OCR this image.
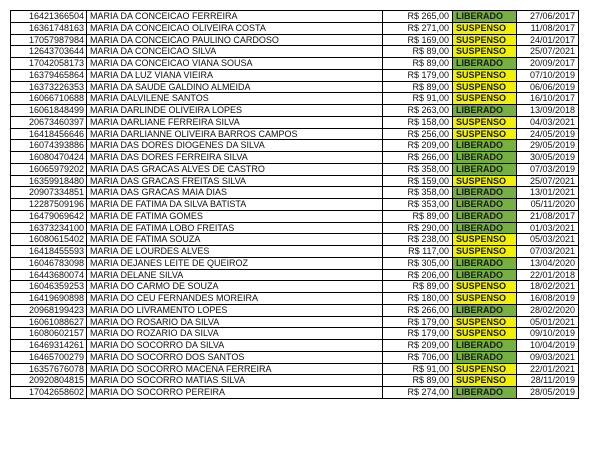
16421366504 MARIA DA CONCEICAO FERREIRA	R$ 265,00 LIBERADO	27/06/2017
16361748163 MARIA DA CONCEICAO OLIVEIRA COSTA	R$ 271,00 SUSPENSO	11/08/2017
17057987984 MARIA DA CONCEICAO PAULINO CARDOSO	R$ 169,00 SUSPENSO	24/01/2017
12643703644 MARIA DA CONCEICAO SILVA	R$ 89,00 SUSPENSO	25/07/2021
17042058173 MARIA DA CONCEICAO VIANA SOUSA	R$ 89,00 LIBERADO	20/09/2017
16379465864 MARIA DA LUZ VIANA VIEIRA	R$ 179,00 SUSPENSO	07/10/2019
16373226353 MARIA DA SAUDE GALDINO ALMEIDA	R$ 89,00 SUSPENSO	06/06/2019
16066710688 MARIA DALVILENE SANTOS	R$ 91,00 SUSPENSO	16/10/2017
16061848499 MARIA DARLINDE OLIVEIRA LOPES	R$ 263,00 LIBERADO	13/09/2018
20673460397 MARIA DARLIANE FERREIRA SILVA	R$ 158,00 SUSPENSO	04/03/2021
16418456646 MARIA DARLIANNE OLIVEIRA BARROS CAMPOS	R$ 256,00 SUSPENSO	24/05/2019
16074393886 MARIA DAS DORES DIOGENES DA SILVA	R$ 209,00 LIBERADO	29/05/2019
16080470424 MARIA DAS DORES FERREIRA SILVA	R$ 266,00 LIBERADO	30/05/2019
16065979202 MARIA DAS GRACAS ALVES DE CASTRO	R$ 358,00 LIBERADO	07/03/2019
16359918480 MARIA DAS GRACAS FREITAS SILVA	R$ 159,00 SUSPENSO	25/07/2021
20907334851 MARIA DAS GRACAS MAIA DIAS	R$ 358,00 LIBERADO	13/01/2021
12287509196 MARIA DE FATIMA DA SILVA BATISTA	R$ 353,00 LIBERADO	05/11/2020
16479069642 MARIA DE FATIMA GOMES	R$ 89,00 LIBERADO	21/08/2017
16373234100 MARIA DE FATIMA LOBO FREITAS	R$ 290,00 LIBERADO	01/03/2021
16080615402 MARIA DE FATIMA SOUZA	R$ 238,00 SUSPENSO	05/03/2021
16418455593 MARIA DE LOURDES ALVES	R$ 117,00 SUSPENSO	07/03/2021
16046783098 MARIA DEJANES LEITE DE QUEIROZ	R$ 305,00 LIBERADO	13/04/2020
16443680074 MARIA DELANE SILVA	R$ 206,00 LIBERADO	22/01/2018
16046359253 MARIA DO CARMO DE SOUZA	R$ 89,00 SUSPENSO	18/02/2021
16419690898 MARIA DO CEU FERNANDES MOREIRA	R$ 180,00 SUSPENSO	16/08/2019
20968199423 MARIA DO LIVRAMENTO LOPES	R$ 266,00 LIBERADO	28/02/2020
16061088627 MARIA DO ROSARIO DA SILVA	R$ 179,00 SUSPENSO	05/01/2021
16080602157 MARIA DO ROZARIO DA SILVA	R$ 179,00 SUSPENSO	09/10/2019
16469314261 MARIA DO SOCORRO DA SILVA	R$ 209,00 LIBERADO	10/04/2019
16465700279 MARIA DO SOCORRO DOS SANTOS	R$ 706,00 LIBERADO	09/03/2021
16357676078 MARIA DO SOCORRO MACENA FERREIRA	R$ 91,00 SUSPENSO	22/01/2021
20920804815 MARIA DO SOCORRO MATIAS SILVA	R$ 89,00 SUSPENSO	28/11/2019
17042658602 MARIA DO SOCORRO PEREIRA	R$ 274,00 LIBERADO	28/05/2019
